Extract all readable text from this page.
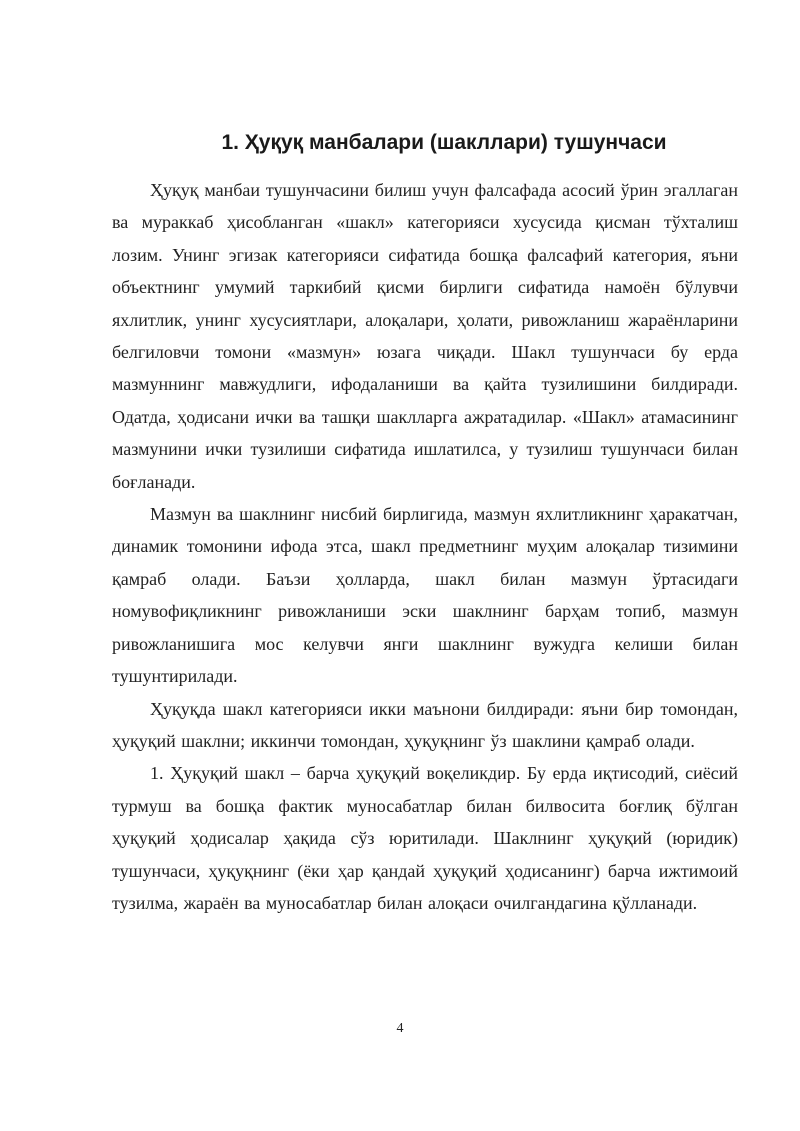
1. Ҳуқуқ манбалари (шакллари) тушунчаси

Ҳуқуқ манбаи тушунчасини билиш учун фалсафада асосий ўрин эгаллаган ва мураккаб ҳисобланган «шакл» категорияси хусусида қисман тўхталиш лозим. Унинг эгизак категорияси сифатида бошқа фалсафий категория, яъни объектнинг умумий таркибий қисми бирлиги сифатида намоён бўлувчи яхлитлик, унинг хусусиятлари, алоқалари, ҳолати, ривожланиш жараёнларини белгиловчи томони «мазмун» юзага чиқади. Шакл тушунчаси бу ерда мазмуннинг мавжудлиги, ифодаланиши ва қайта тузилишини билдиради. Одатда, ҳодисани ички ва ташқи шаклларга ажратадилар. «Шакл» атамасининг мазмунини ички тузилиши сифатида ишлатилса, у тузилиш тушунчаси билан боғланади.

Мазмун ва шаклнинг нисбий бирлигида, мазмун яхлитликнинг ҳаракатчан, динамик томонини ифода этса, шакл предметнинг муҳим алоқалар тизимини қамраб олади. Баъзи ҳолларда, шакл билан мазмун ўртасидаги номувофиқликнинг ривожланиши эски шаклнинг барҳам топиб, мазмун ривожланишига мос келувчи янги шаклнинг вужудга келиши билан тушунтирилади.

Ҳуқуқда шакл категорияси икки маънони билдиради: яъни бир томондан, ҳуқуқий шаклни; иккинчи томондан, ҳуқуқнинг ўз шаклини қамраб олади.

1. Ҳуқуқий шакл – барча ҳуқуқий воқеликдир. Бу ерда иқтисодий, сиёсий турмуш ва бошқа фактик муносабатлар билан билвосита боғлиқ бўлган ҳуқуқий ҳодисалар ҳақида сўз юритилади. Шаклнинг ҳуқуқий (юридик) тушунчаси, ҳуқуқнинг (ёки ҳар қандай ҳуқуқий ҳодисанинг) барча ижтимоий тузилма, жараён ва муносабатлар билан алоқаси очилгандагина қўлланади.

4
